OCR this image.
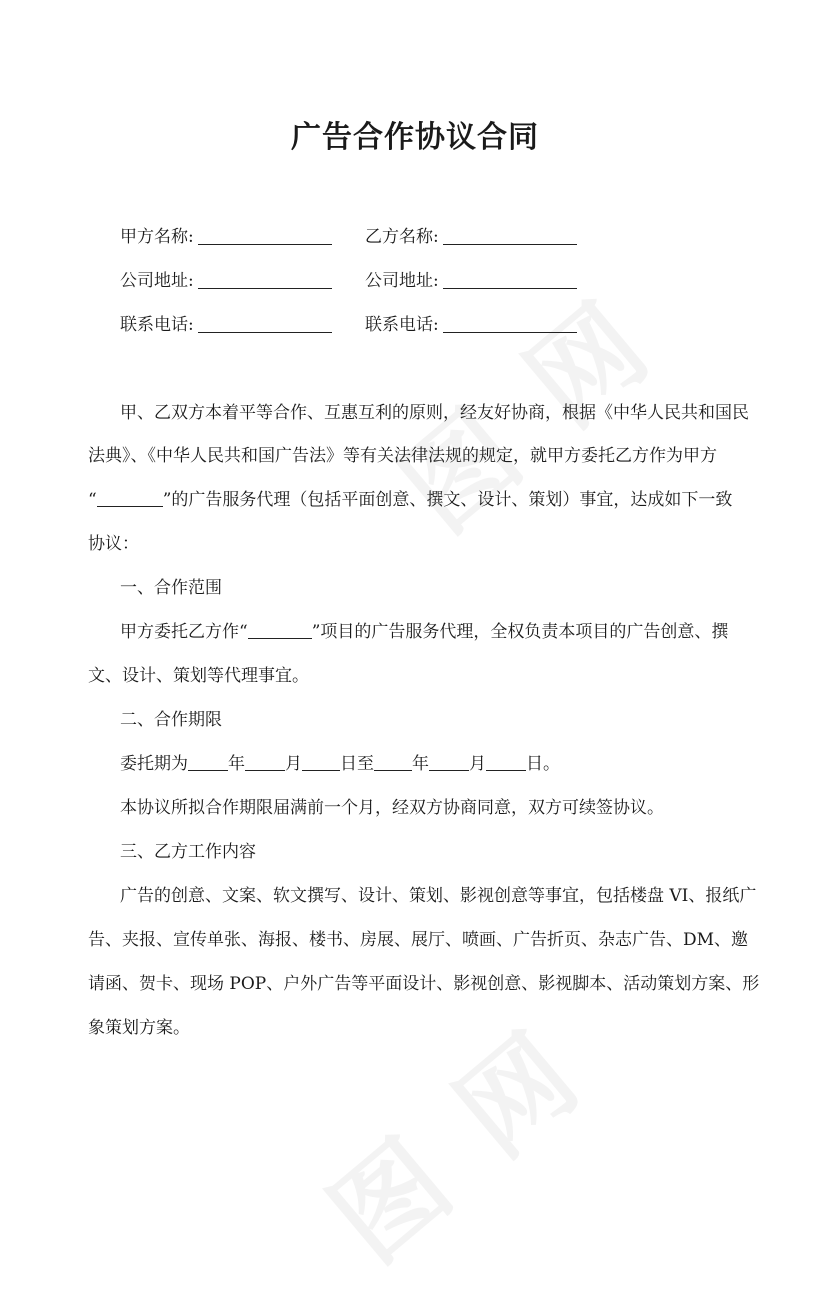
广告合作协议合同
甲方名称:	乙方名称:
公司地址:	公司地址:
联系电话:	联系电话:
甲、乙双方本着平等合作、互惠互利的原则，经友好协商，根据《中华人民共和国民
法典》、《中华人民共和国广告法》等有关法律法规的规定，就甲方委托乙方作为甲方
“	”的广告服务代理（包括平面创意、撰文、设计、策划）事宜，达成如下一致
协议：
一、合作范围
甲方委托乙方作“	”项目的广告服务代理，全权负责本项目的广告创意、撰
文、设计、策划等代理事宜。
二、合作期限
委托期为 年 月 日至 年 月 日。
本协议所拟合作期限届满前一个月，经双方协商同意，双方可续签协议。
三、乙方工作内容
广告的创意、文案、软文撰写、设计、策划、影视创意等事宜，包括楼盘 VI、报纸广
告、夹报、宣传单张、海报、楼书、房展、展厅、喷画、广告折页、杂志广告、DM、邀
请函、贺卡、现场 POP、户外广告等平面设计、影视创意、影视脚本、活动策划方案、形
象策划方案。
